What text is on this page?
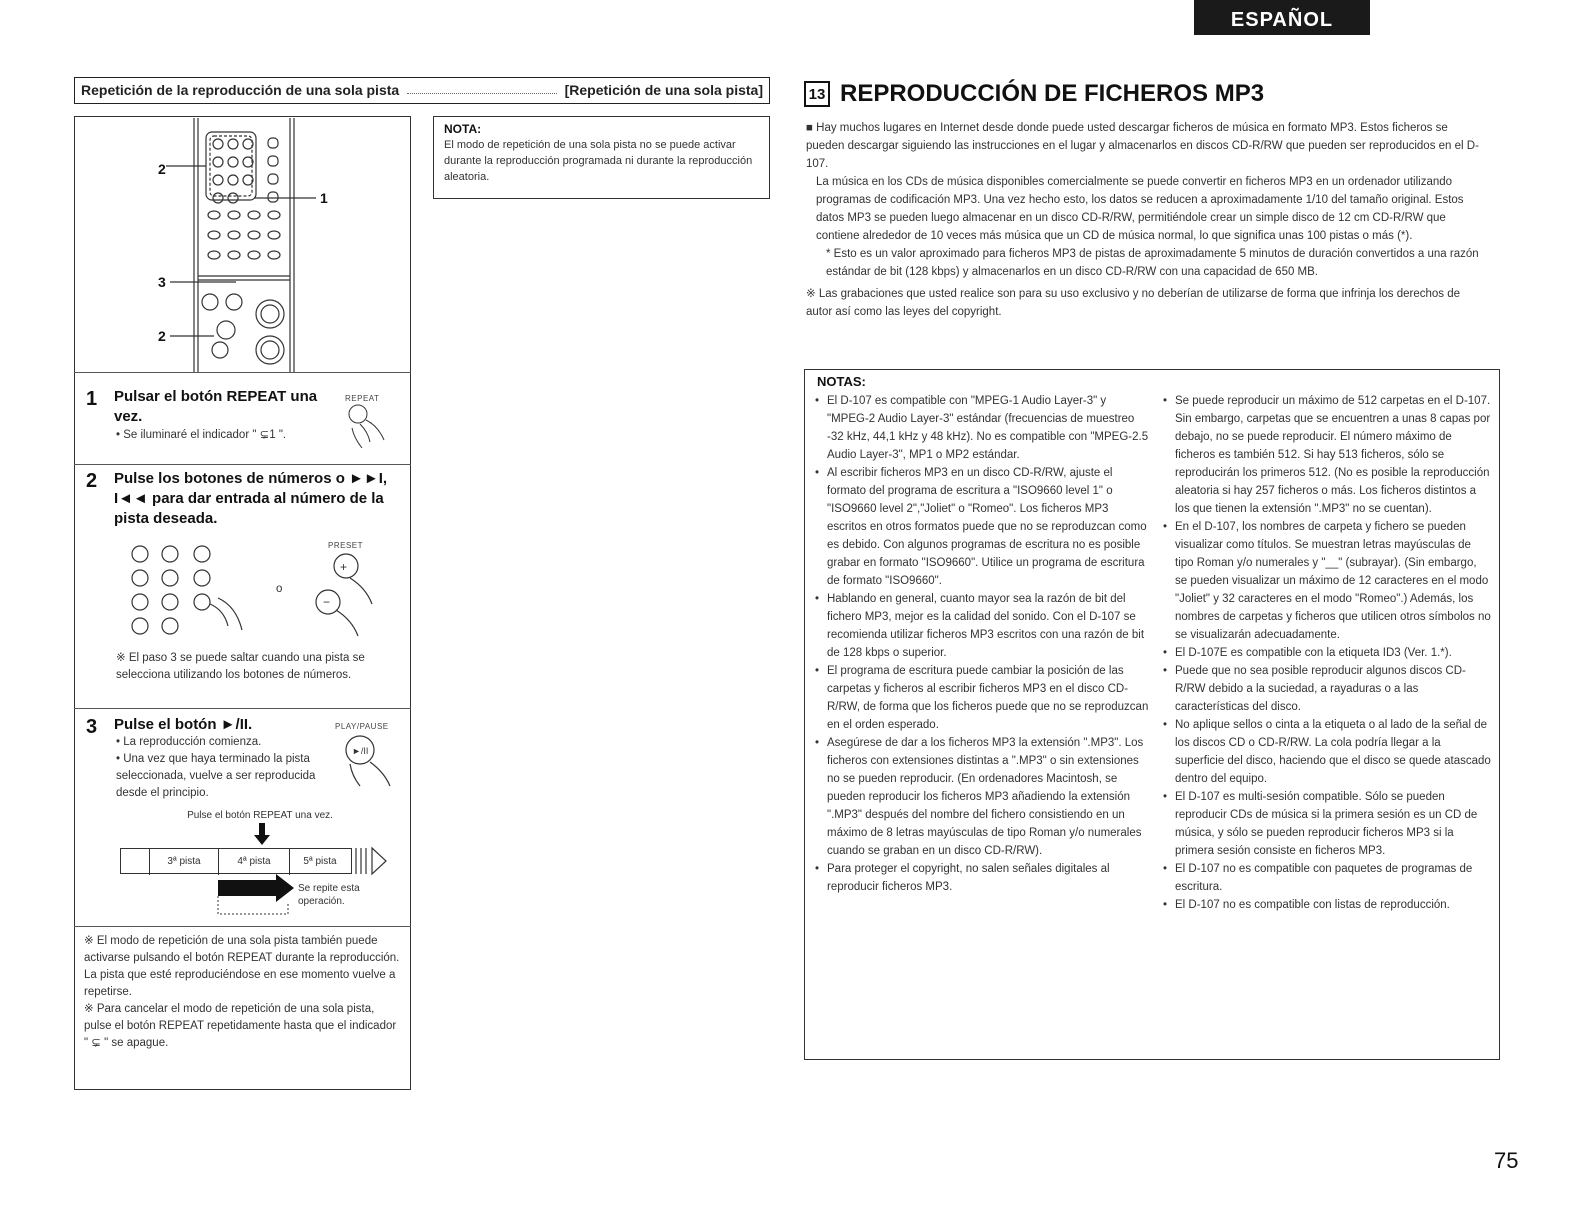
ESPAÑOL
Repetición de la reproducción de una sola pista	[Repetición de una sola pista]
2
1
3
2
1 Pulsar el botón REPEAT una
vez.
REPEAT
• Se iluminaré el indicador " ⊊1 ".
2 Pulse los botones de números o ►►I, I◄◄ para dar entrada al número de la pista deseada.
o
PRESET
+
−
※ El paso 3 se puede saltar cuando una pista se selecciona utilizando los botones de números.
3 Pulse el botón ►/II.	PLAY/PAUSE
►/II
• La reproducción comienza.
• Una vez que haya terminado la pista seleccionada, vuelve a ser reproducida desde el principio.
Pulse el botón REPEAT una vez.
3ª pista	4ª pista	5ª pista
Se repite esta operación.
※ El modo de repetición de una sola pista también puede activarse pulsando el botón REPEAT durante la reproducción. La pista que esté reproduciéndose en ese momento vuelve a repetirse.
※ Para cancelar el modo de repetición de una sola pista, pulse el botón REPEAT repetidamente hasta que el indicador " ⊊ " se apague.
NOTA:
El modo de repetición de una sola pista no se puede activar durante la reproducción programada ni durante la reproducción aleatoria.
13 REPRODUCCIÓN DE FICHEROS MP3
■ Hay muchos lugares en Internet desde donde puede usted descargar ficheros de música en formato MP3. Estos ficheros se pueden descargar siguiendo las instrucciones en el lugar y almacenarlos en discos CD-R/RW que pueden ser reproducidos en el D-107.
La música en los CDs de música disponibles comercialmente se puede convertir en ficheros MP3 en un ordenador utilizando programas de codificación MP3. Una vez hecho esto, los datos se reducen a aproximadamente 1/10 del tamaño original. Estos datos MP3 se pueden luego almacenar en un disco CD-R/RW, permitiéndole crear un simple disco de 12 cm CD-R/RW que contiene alrededor de 10 veces más música que un CD de música normal, lo que significa unas 100 pistas o más (*).
* Esto es un valor aproximado para ficheros MP3 de pistas de aproximadamente 5 minutos de duración convertidos a una razón estándar de bit (128 kbps) y almacenarlos en un disco CD-R/RW con una capacidad de 650 MB.
※ Las grabaciones que usted realice son para su uso exclusivo y no deberían de utilizarse de forma que infrinja los derechos de autor así como las leyes del copyright.
NOTAS:
• El D-107 es compatible con "MPEG-1 Audio Layer-3" y "MPEG-2 Audio Layer-3" estándar (frecuencias de muestreo -32 kHz, 44,1 kHz y 48 kHz). No es compatible con "MPEG-2.5 Audio Layer-3", MP1 o MP2 estándar.
• Al escribir ficheros MP3 en un disco CD-R/RW, ajuste el formato del programa de escritura a "ISO9660 level 1" o "ISO9660 level 2","Joliet" o "Romeo". Los ficheros MP3 escritos en otros formatos puede que no se reproduzcan como es debido. Con algunos programas de escritura no es posible grabar en formato "ISO9660". Utilice un programa de escritura de formato "ISO9660".
• Hablando en general, cuanto mayor sea la razón de bit del fichero MP3, mejor es la calidad del sonido. Con el D-107 se recomienda utilizar ficheros MP3 escritos con una razón de bit de 128 kbps o superior.
• El programa de escritura puede cambiar la posición de las carpetas y ficheros al escribir ficheros MP3 en el disco CD-R/RW, de forma que los ficheros puede que no se reproduzcan en el orden esperado.
• Asegúrese de dar a los ficheros MP3 la extensión ".MP3". Los ficheros con extensiones distintas a ".MP3" o sin extensiones no se pueden reproducir. (En ordenadores Macintosh, se pueden reproducir los ficheros MP3 añadiendo la extensión ".MP3" después del nombre del fichero consistiendo en un máximo de 8 letras mayúsculas de tipo Roman y/o numerales cuando se graban en un disco CD-R/RW).
• Para proteger el copyright, no salen señales digitales al reproducir ficheros MP3.
• Se puede reproducir un máximo de 512 carpetas en el D-107. Sin embargo, carpetas que se encuentren a unas 8 capas por debajo, no se puede reproducir. El número máximo de ficheros es también 512. Si hay 513 ficheros, sólo se reproducirán los primeros 512. (No es posible la reproducción aleatoria si hay 257 ficheros o más. Los ficheros distintos a los que tienen la extensión ".MP3" no se cuentan).
• En el D-107, los nombres de carpeta y fichero se pueden visualizar como títulos. Se muestran letras mayúsculas de tipo Roman y/o numerales y "__" (subrayar). (Sin embargo, se pueden visualizar un máximo de 12 caracteres en el modo "Joliet" y 32 caracteres en el modo "Romeo".) Además, los nombres de carpetas y ficheros que utilicen otros símbolos no se visualizarán adecuadamente.
• El D-107E es compatible con la etiqueta ID3 (Ver. 1.*).
• Puede que no sea posible reproducir algunos discos CD-R/RW debido a la suciedad, a rayaduras o a las características del disco.
• No aplique sellos o cinta a la etiqueta o al lado de la señal de los discos CD o CD-R/RW. La cola podría llegar a la superficie del disco, haciendo que el disco se quede atascado dentro del equipo.
• El D-107 es multi-sesión compatible. Sólo se pueden reproducir CDs de música si la primera sesión es un CD de música, y sólo se pueden reproducir ficheros MP3 si la primera sesión consiste en ficheros MP3.
• El D-107 no es compatible con paquetes de programas de escritura.
• El D-107 no es compatible con listas de reproducción.
75
